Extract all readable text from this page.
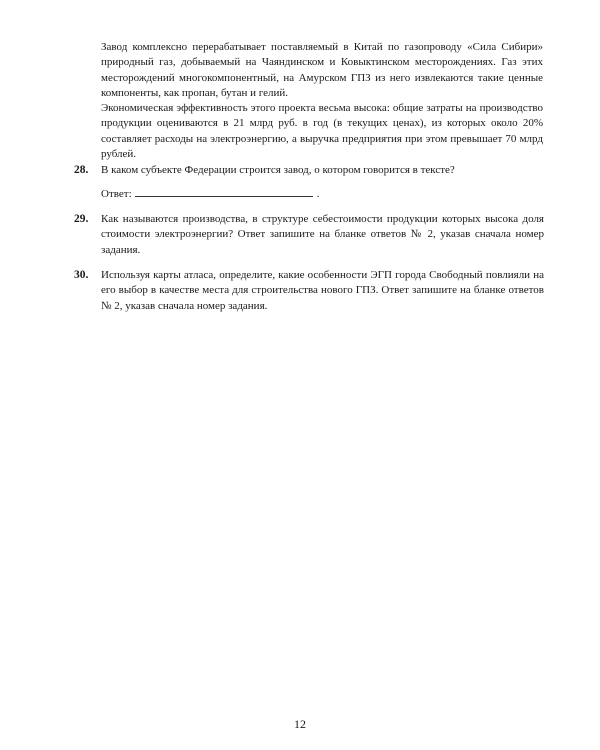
Завод комплексно перерабатывает поставляемый в Китай по газопроводу «Сила Сибири» природный газ, добываемый на Чаяндинском и Ковыктинском месторождениях. Газ этих месторождений многокомпонентный, на Амурском ГПЗ из него извлекаются такие ценные компоненты, как пропан, бутан и гелий.

Экономическая эффективность этого проекта весьма высока: общие затраты на производство продукции оцениваются в 21 млрд руб. в год (в текущих ценах), из которых около 20% составляет расходы на электроэнергию, а выручка предприятия при этом превышает 70 млрд рублей.

28. В каком субъекте Федерации строится завод, о котором говорится в тексте?
Ответ:	.
29. Как называются производства, в структуре себестоимости продукции которых высока доля стоимости электроэнергии? Ответ запишите на бланке ответов № 2, указав сначала номер задания.
30. Используя карты атласа, определите, какие особенности ЭГП города Свободный повлияли на его выбор в качестве места для строительства нового ГПЗ. Ответ запишите на бланке ответов № 2, указав сначала номер задания.
12
